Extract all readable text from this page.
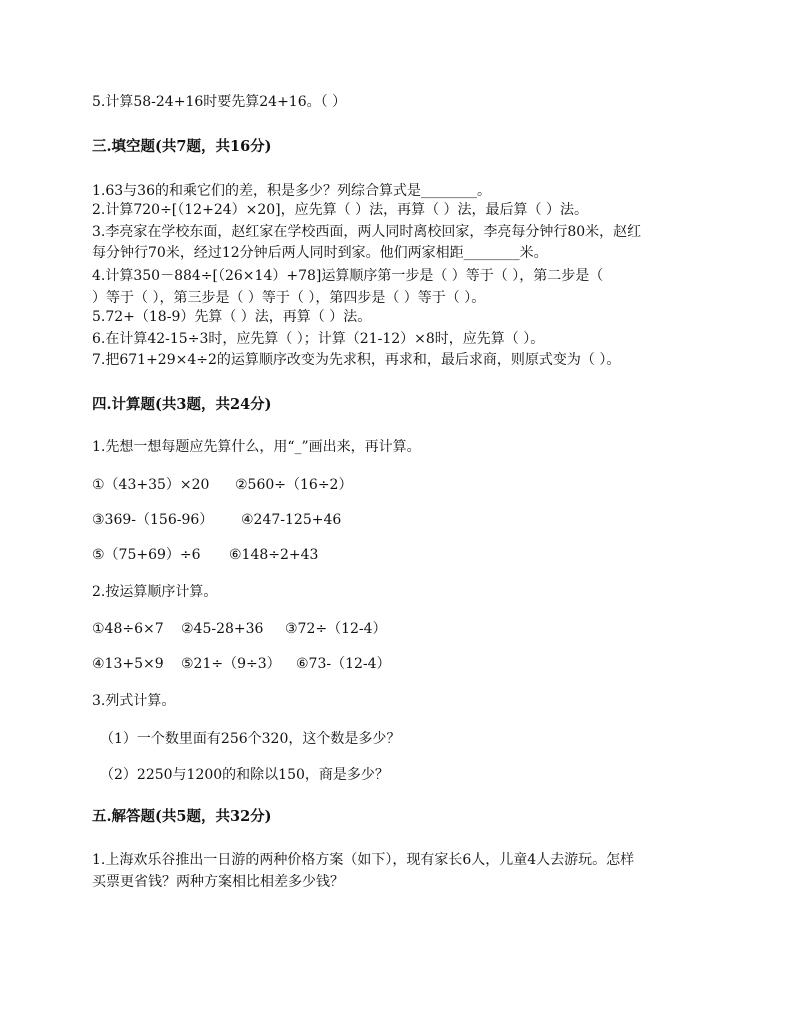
5.计算58-24+16时要先算24+16。（ ）
三.填空题(共7题，共16分)
1.63与36的和乘它们的差，积是多少？列综合算式是________。
2.计算720÷[（12+24）×20]，应先算（ ）法，再算（ ）法，最后算（ ）法。
3.李亮家在学校东面，赵红家在学校西面，两人同时离校回家，李亮每分钟行80米，赵红
每分钟行70米，经过12分钟后两人同时到家。他们两家相距________米。
4.计算350－884÷[（26×14）+78]运算顺序第一步是（ ）等于（ ），第二步是（
）等于（ ），第三步是（ ）等于（ ），第四步是（ ）等于（ ）。
5.72+（18-9）先算（ ）法，再算（ ）法。
6.在计算42-15÷3时，应先算（ ）；计算（21-12）×8时，应先算（ ）。
7.把671+29×4÷2的运算顺序改变为先求积，再求和，最后求商，则原式变为（ ）。
四.计算题(共3题，共24分)
1.先想一想每题应先算什么，用“_”画出来，再计算。
①（43+35）×20 ②560÷（16÷2）
③369-（156-96） ④247-125+46
⑤（75+69）÷6 ⑥148÷2+43
2.按运算顺序计算。
①48÷6×7 ②45-28+36 ③72÷（12-4）
④13+5×9 ⑤21÷（9÷3） ⑥73-（12-4）
3.列式计算。
（1）一个数里面有256个320，这个数是多少？
（2）2250与1200的和除以150，商是多少？
五.解答题(共5题，共32分)
1.上海欢乐谷推出一日游的两种价格方案（如下），现有家长6人，儿童4人去游玩。怎样
买票更省钱？两种方案相比相差多少钱？
